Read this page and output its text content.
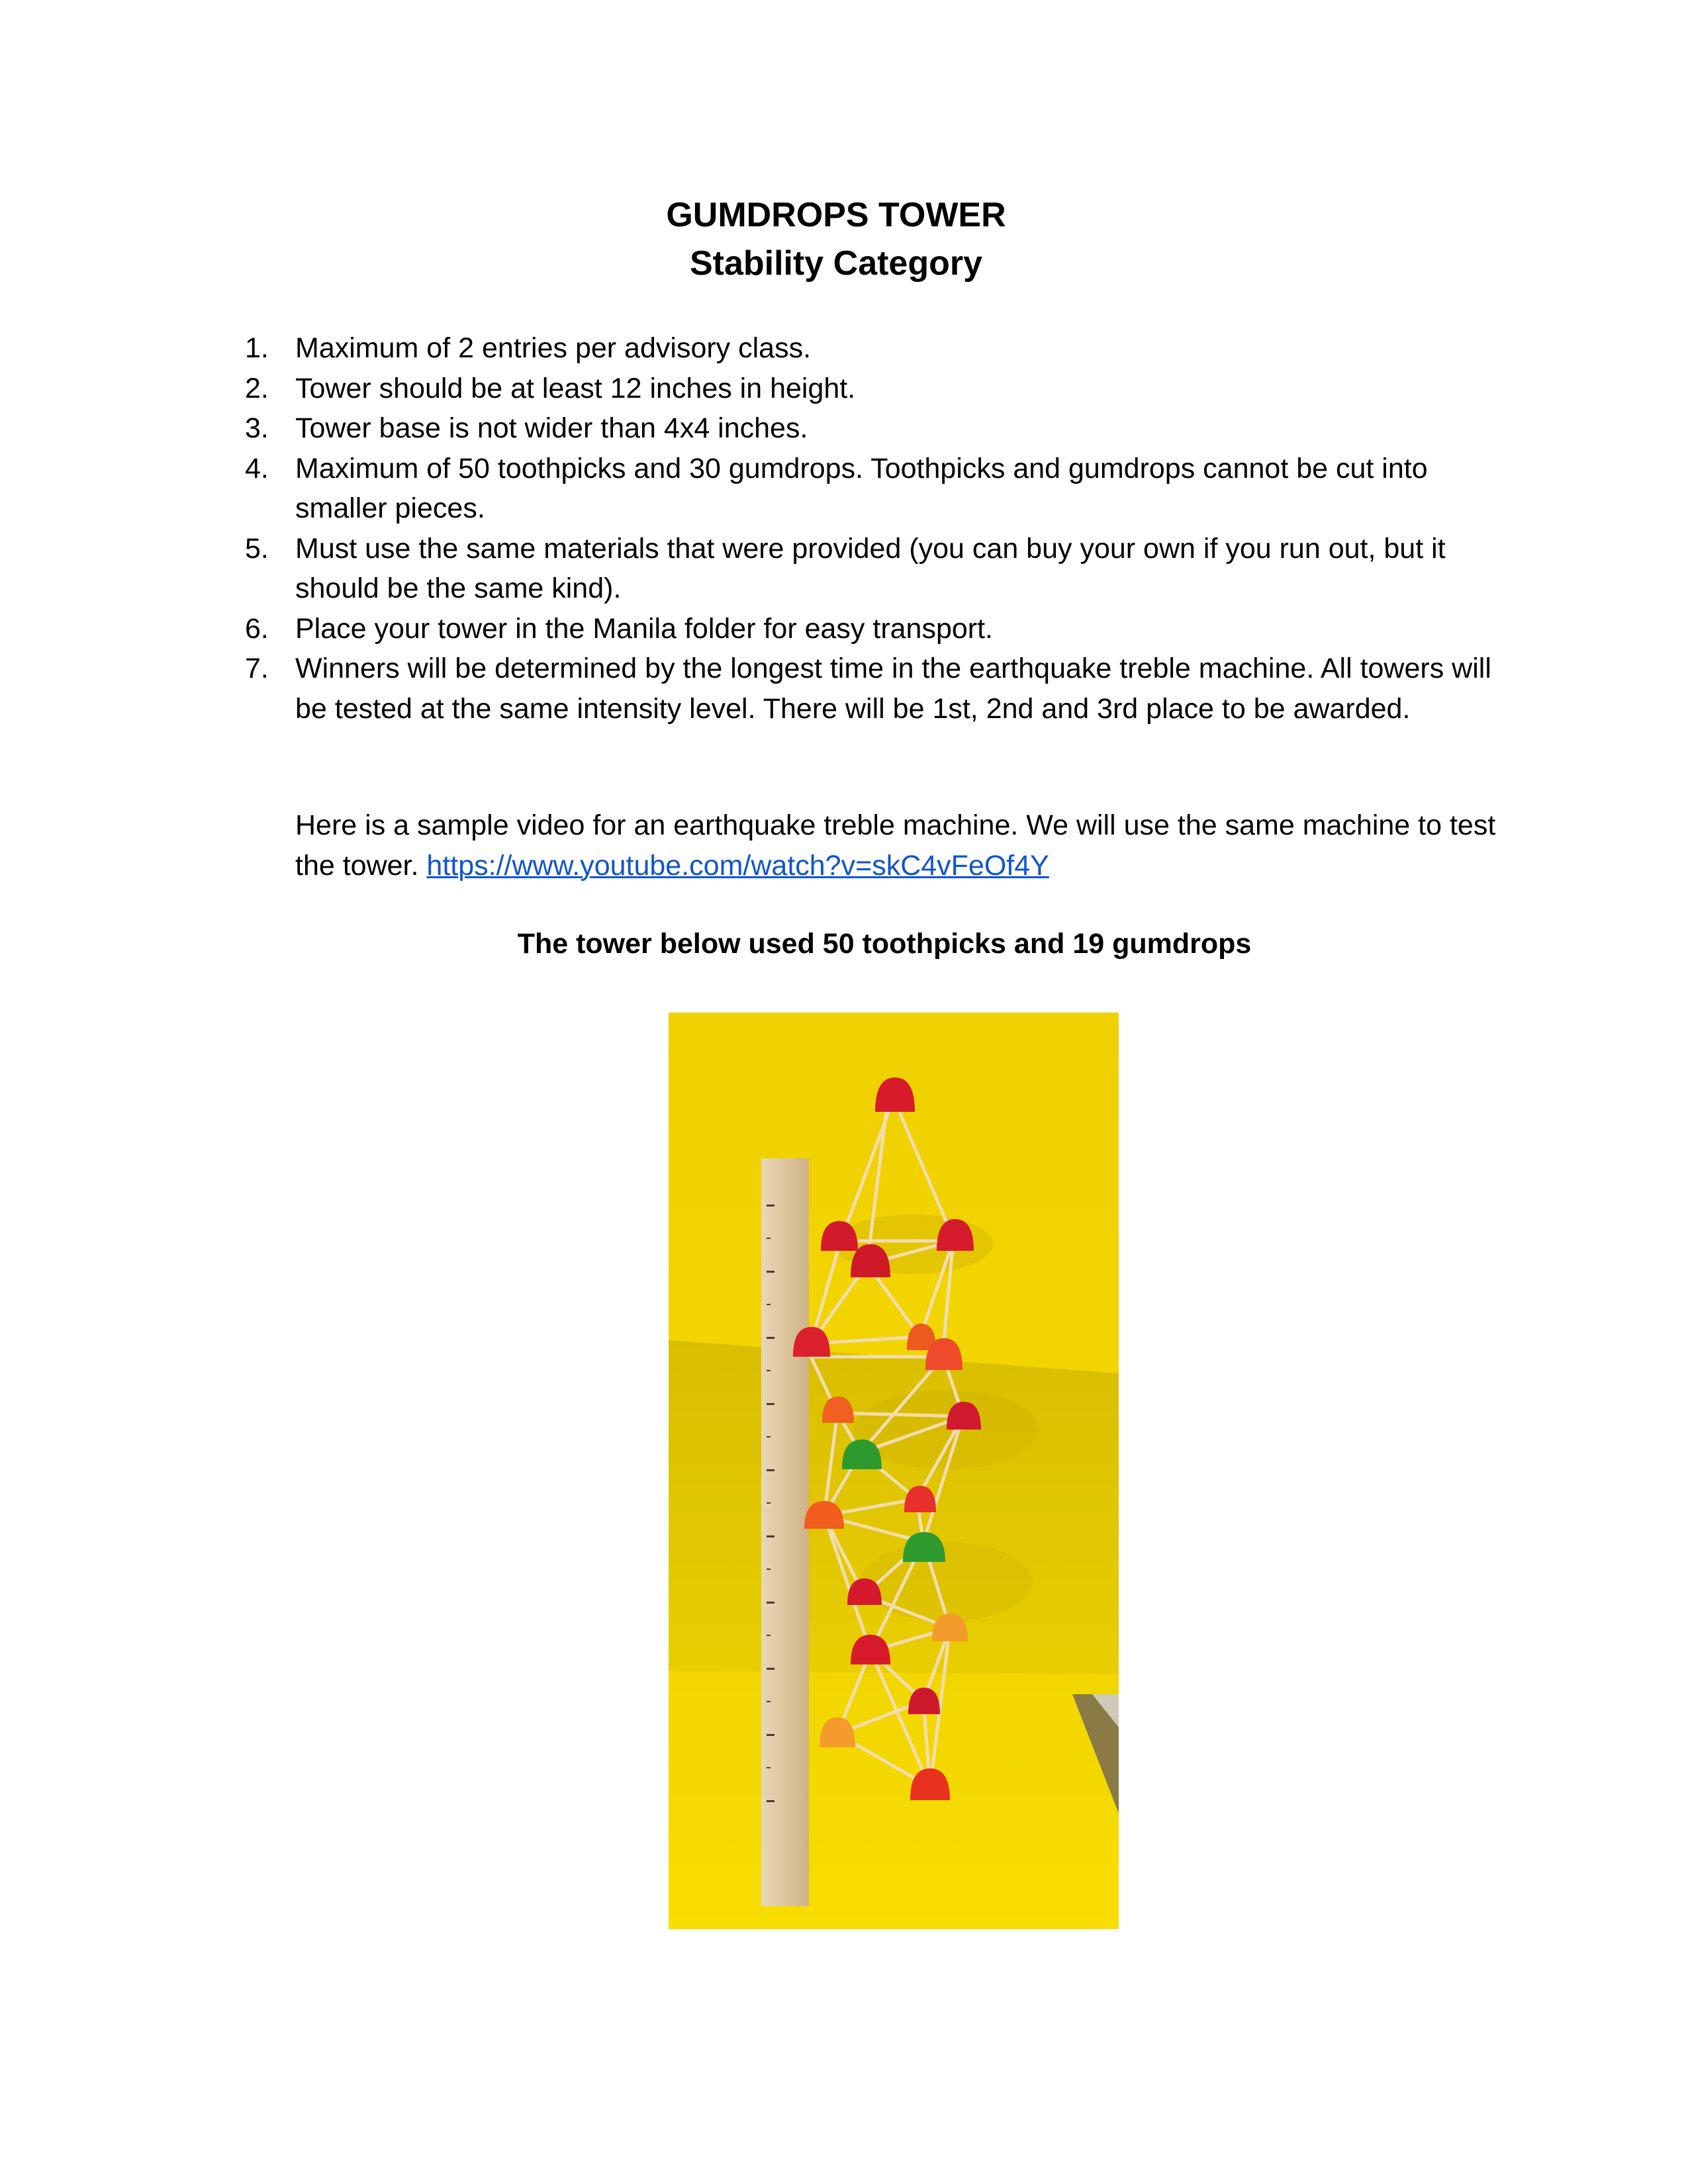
GUMDROPS TOWER
Stability Category
1. Maximum of 2 entries per advisory class.
2. Tower should be at least 12 inches in height.
3. Tower base is not wider than 4x4 inches.
4. Maximum of 50 toothpicks and 30 gumdrops. Toothpicks and gumdrops cannot be cut into smaller pieces.
5. Must use the same materials that were provided (you can buy your own if you run out, but it should be the same kind).
6. Place your tower in the Manila folder for easy transport.
7. Winners will be determined by the longest time in the earthquake treble machine. All towers will be tested at the same intensity level. There will be 1st, 2nd and 3rd place to be awarded.

Here is a sample video for an earthquake treble machine. We will use the same machine to test the tower. https://www.youtube.com/watch?v=skC4vFeOf4Y

The tower below used 50 toothpicks and 19 gumdrops
